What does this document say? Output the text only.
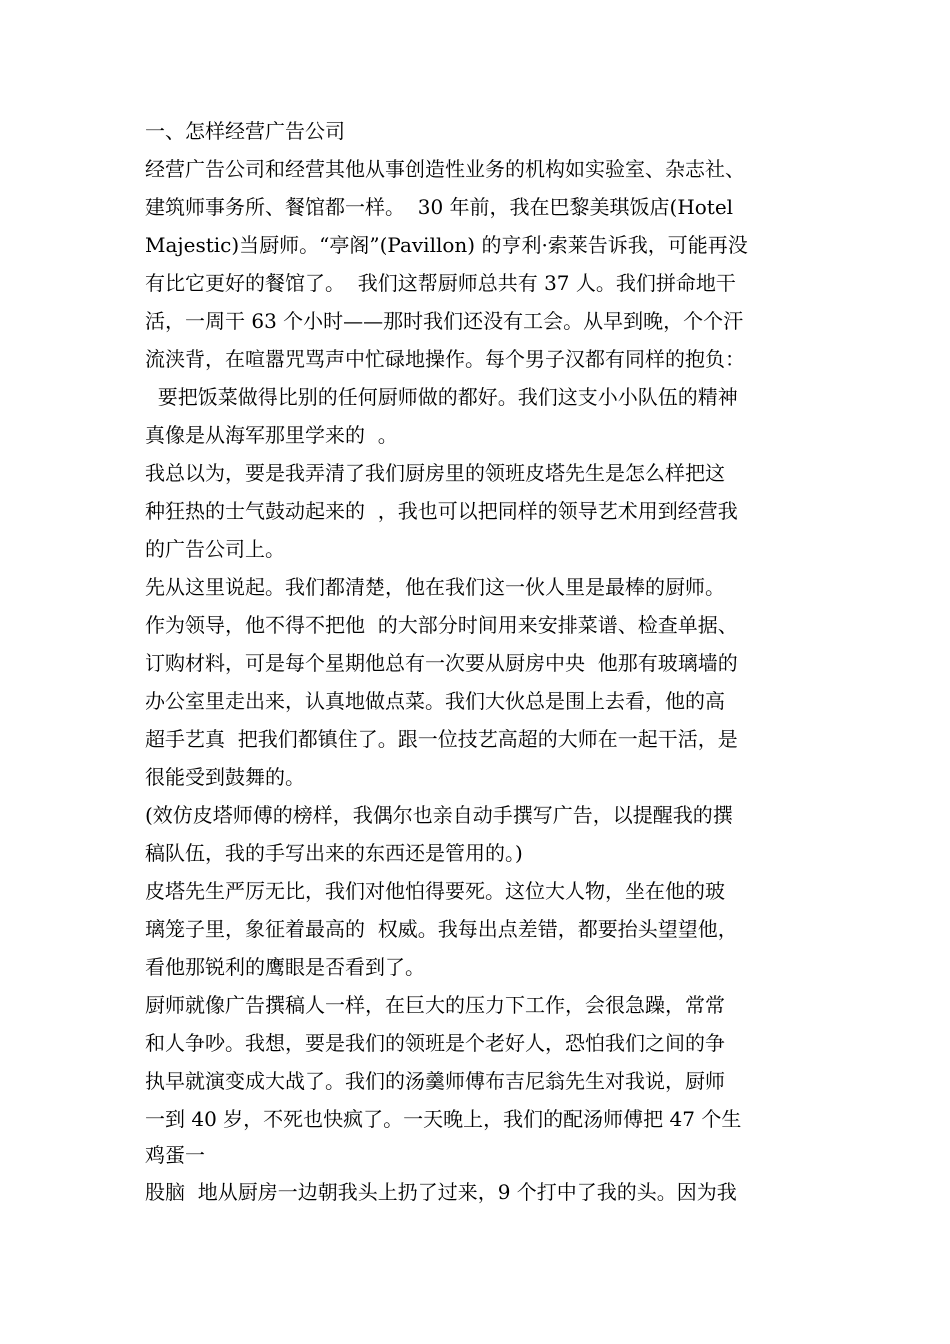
一、怎样经营广告公司
经营广告公司和经营其他从事创造性业务的机构如实验室、杂志社、
建筑师事务所、餐馆都一样。  30 年前，我在巴黎美琪饭店(Hotel
Majestic)当厨师。“亭阁”(Pavillon) 的亨利·索莱告诉我，可能再没
有比它更好的餐馆了。  我们这帮厨师总共有 37 人。我们拼命地干
活，一周干 63 个小时——那时我们还没有工会。从早到晚，个个汗
流浃背，在喧嚣咒骂声中忙碌地操作。每个男子汉都有同样的抱负：
要把饭菜做得比别的任何厨师做的都好。我们这支小小队伍的精神
真像是从海军那里学来的  。
我总以为，要是我弄清了我们厨房里的领班皮塔先生是怎么样把这
种狂热的士气鼓动起来的  ，我也可以把同样的领导艺术用到经营我
的广告公司上。
先从这里说起。我们都清楚，他在我们这一伙人里是最棒的厨师。
作为领导，他不得不把他  的大部分时间用来安排菜谱、检查单据、
订购材料，可是每个星期他总有一次要从厨房中央  他那有玻璃墙的
办公室里走出来，认真地做点菜。我们大伙总是围上去看，他的高
超手艺真  把我们都镇住了。跟一位技艺高超的大师在一起干活，是
很能受到鼓舞的。
(效仿皮塔师傅的榜样，我偶尔也亲自动手撰写广告，以提醒我的撰
稿队伍，我的手写出来的东西还是管用的。)
皮塔先生严厉无比，我们对他怕得要死。这位大人物，坐在他的玻
璃笼子里，象征着最高的  权威。我每出点差错，都要抬头望望他，
看他那锐利的鹰眼是否看到了。
厨师就像广告撰稿人一样，在巨大的压力下工作，会很急躁，常常
和人争吵。我想，要是我们的领班是个老好人，恐怕我们之间的争
执早就演变成大战了。我们的汤羹师傅布吉尼翁先生对我说，厨师
一到 40 岁，不死也快疯了。一天晚上，我们的配汤师傅把 47 个生
鸡蛋一
股脑  地从厨房一边朝我头上扔了过来，9 个打中了我的头。因为我
